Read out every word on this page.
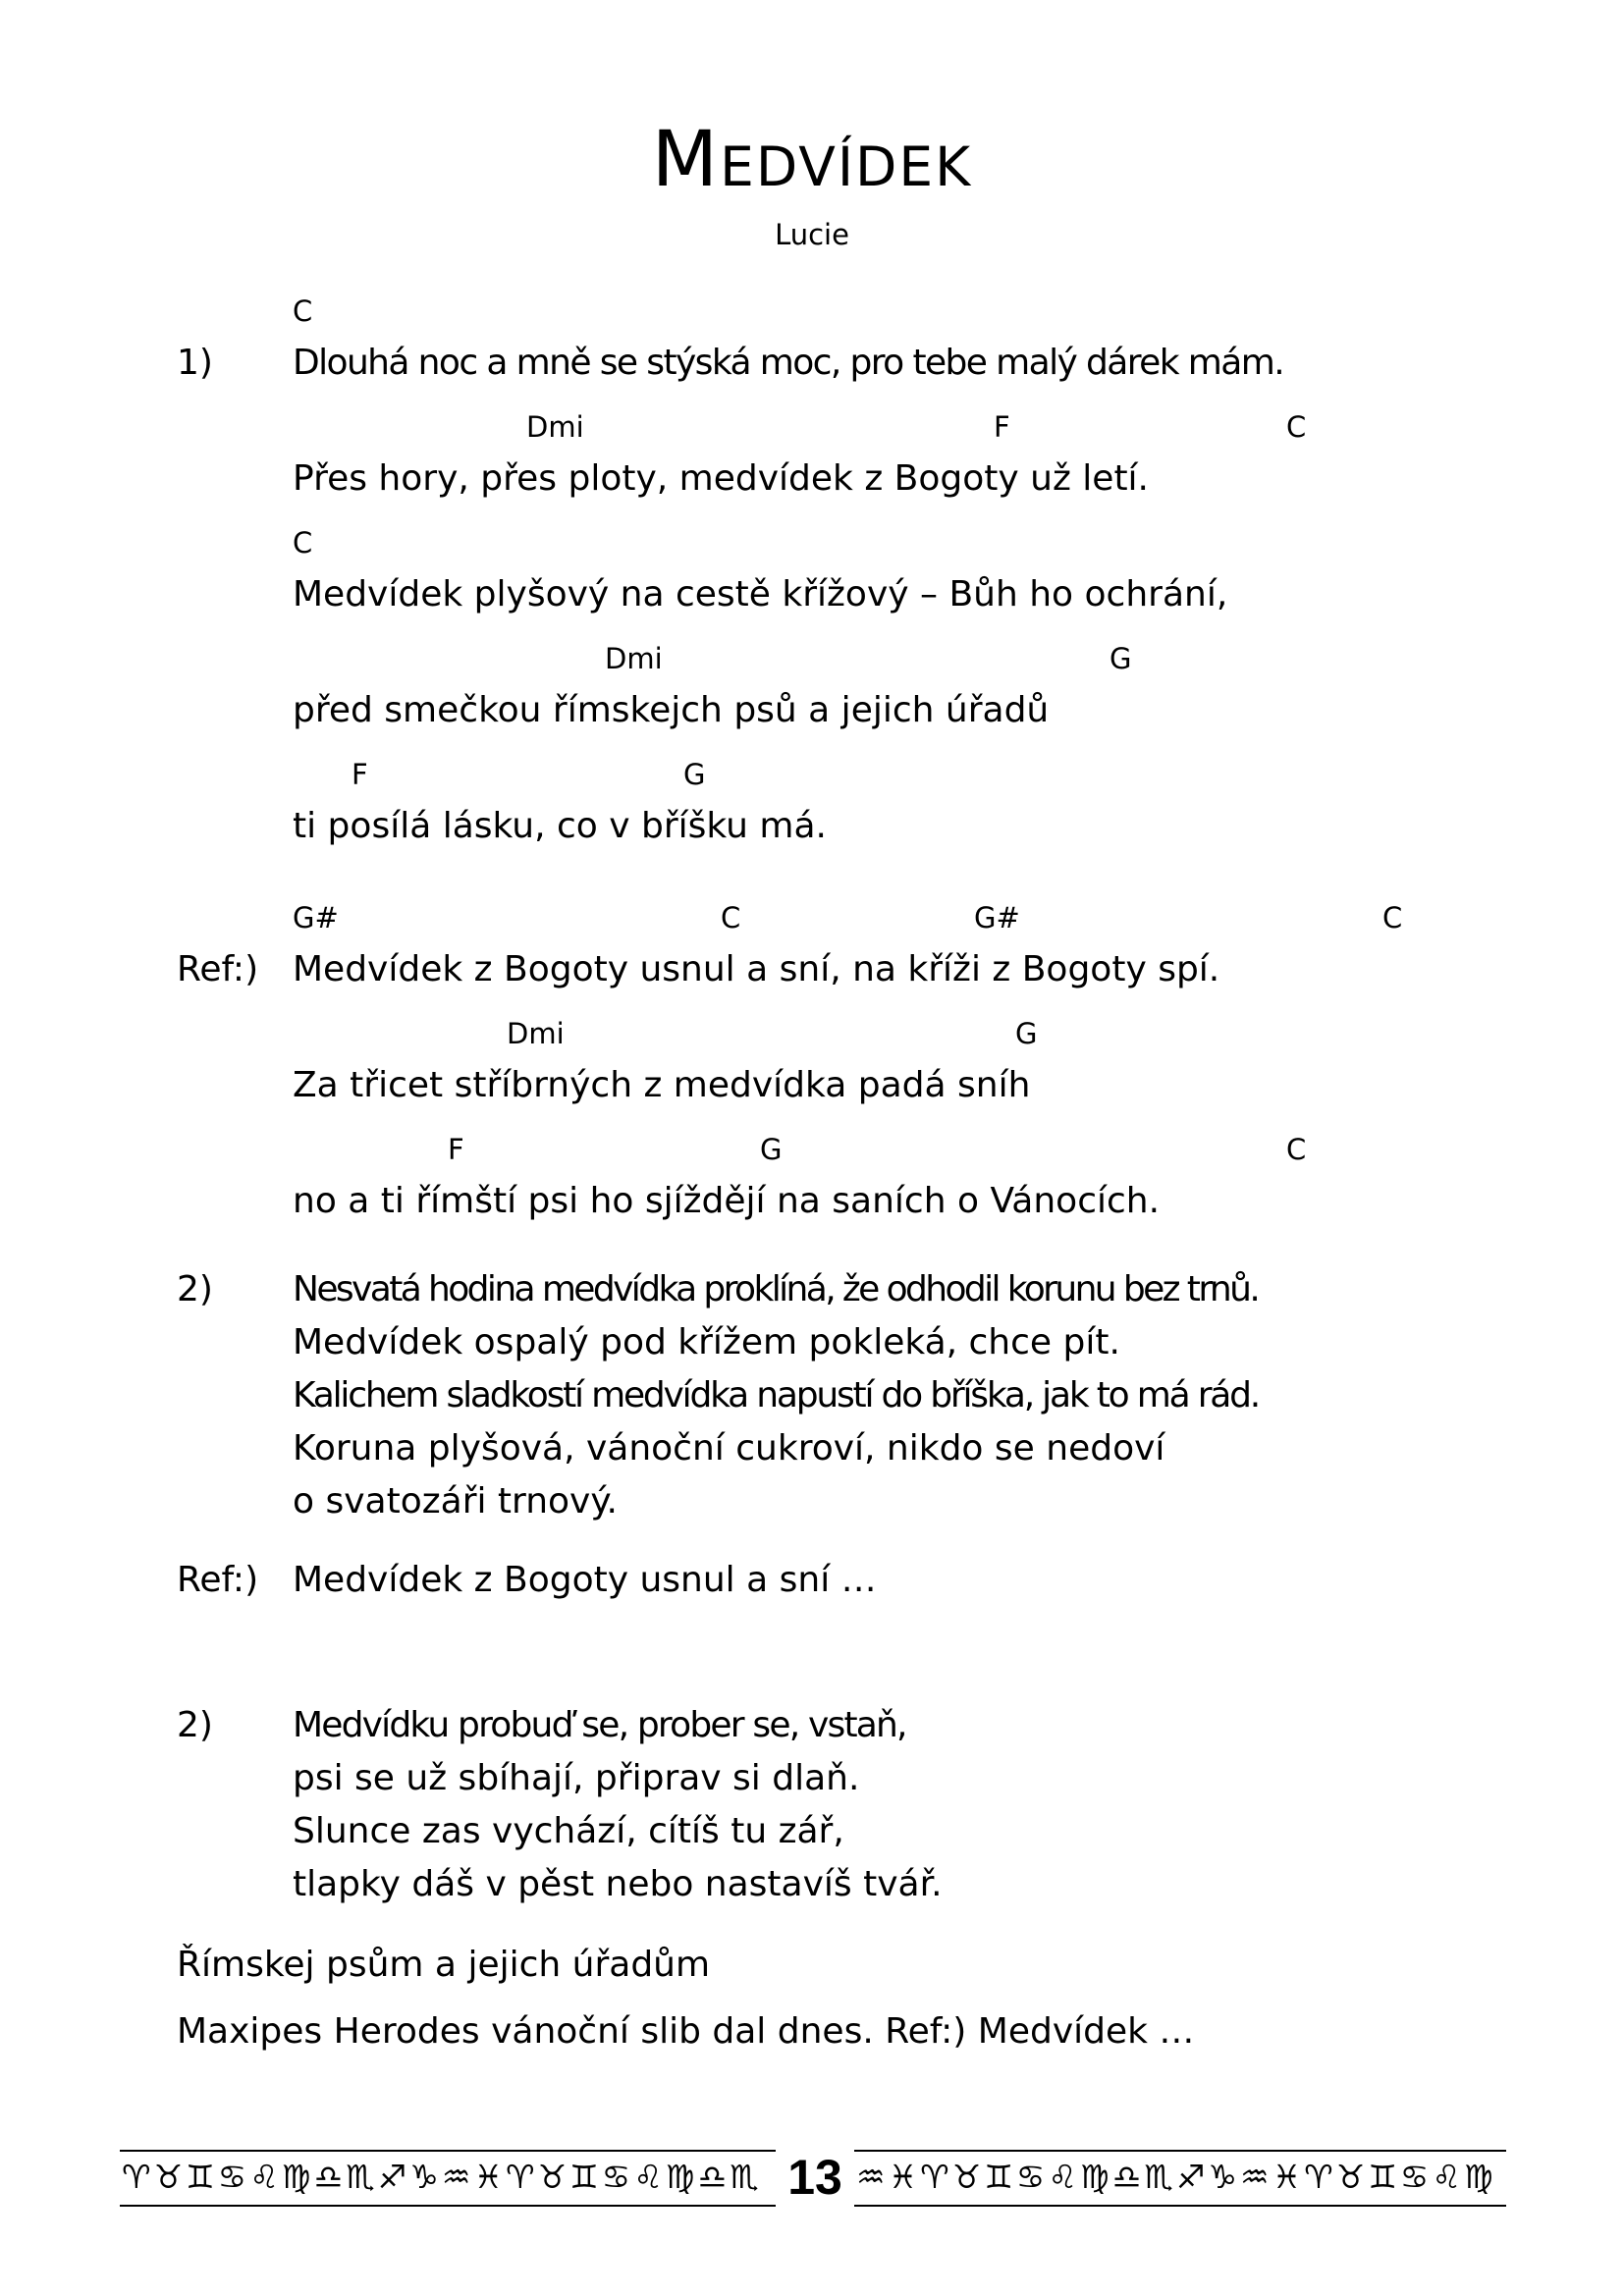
Medvídek
Lucie
C
1) Dlouhá noc a mně se stýská moc, pro tebe malý dárek mám.
Dmi	F	C
Přes hory, přes ploty, medvídek z Bogoty už letí.
C
Medvídek plyšový na cestě křížový – Bůh ho ochrání,
Dmi	G
před smečkou římskejch psů a jejich úřadů
F	G
ti posílá lásku, co v bříšku má.
G#	C	G#	C
Ref:) Medvídek z Bogoty usnul a sní, na kříži z Bogoty spí.
Dmi	G
Za třicet stříbrných z medvídka padá sníh
F	G	C
no a ti římští psi ho sjíždějí na saních o Vánocích.
2) Nesvatá hodina medvídka proklíná, že odhodil korunu bez trnů.
Medvídek ospalý pod křížem pokleká, chce pít.
Kalichem sladkostí medvídka napustí do bříška, jak to má rád.
Koruna plyšová, vánoční cukroví, nikdo se nedoví
o svatozáři trnový.
Ref:) Medvídek z Bogoty usnul a sní …
2) Medvídku probuď se, prober se, vstaň,
psi se už sbíhají, připrav si dlaň.
Slunce zas vychází, cítíš tu zář,
tlapky dáš v pěst nebo nastavíš tvář.
Římskej psům a jejich úřadům
Maxipes Herodes vánoční slib dal dnes. Ref:) Medvídek …
♈♉♊♋♌♍♎♏♐♑♒♓♈♉♊♋♌♍♎♏ 13 ♒♓♈♉♊♋♌♍♎♏♐♑♒♓♈♉♊♋♌♍
